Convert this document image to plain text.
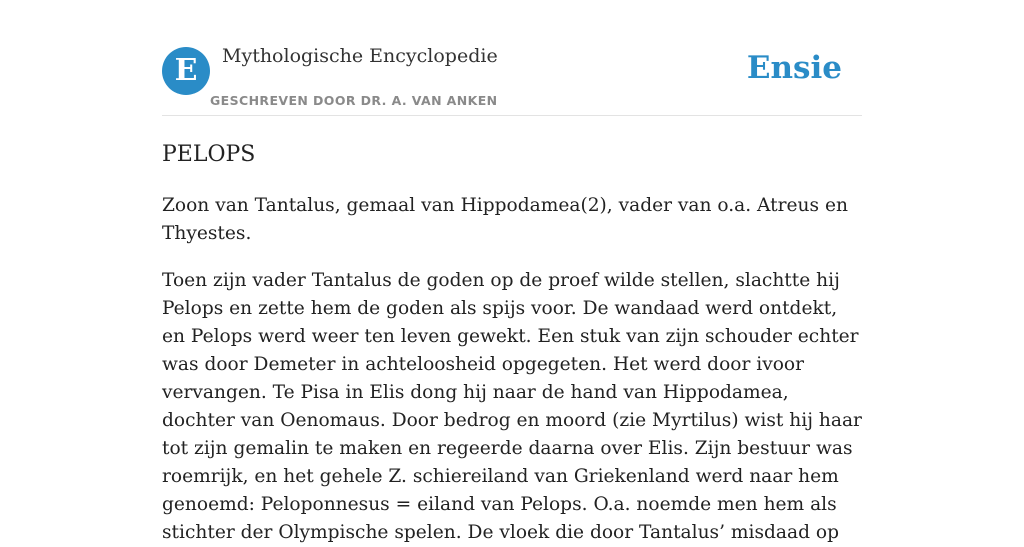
E	Mythologische Encyclopedie
GESCHREVEN DOOR DR. A. VAN ANKEN
Ensie
PELOPS

Zoon van Tantalus, gemaal van Hippodamea(2), vader van o.a. Atreus en Thyestes.

Toen zijn vader Tantalus de goden op de proef wilde stellen, slachtte hij Pelops en zette hem de goden als spijs voor. De wandaad werd ontdekt, en Pelops werd weer ten leven gewekt. Een stuk van zijn schouder echter was door Demeter in achteloosheid opgegeten. Het werd door ivoor vervangen. Te Pisa in Elis dong hij naar de hand van Hippodamea, dochter van Oenomaus. Door bedrog en moord (zie Myrtilus) wist hij haar tot zijn gemalin te maken en regeerde daarna over Elis. Zijn bestuur was roemrijk, en het gehele Z. schiereiland van Griekenland werd naar hem genoemd: Peloponnesus = eiland van Pelops. O.a. noemde men hem als stichter der Olympische spelen. De vloek die door Tantalus’ misdaad op
